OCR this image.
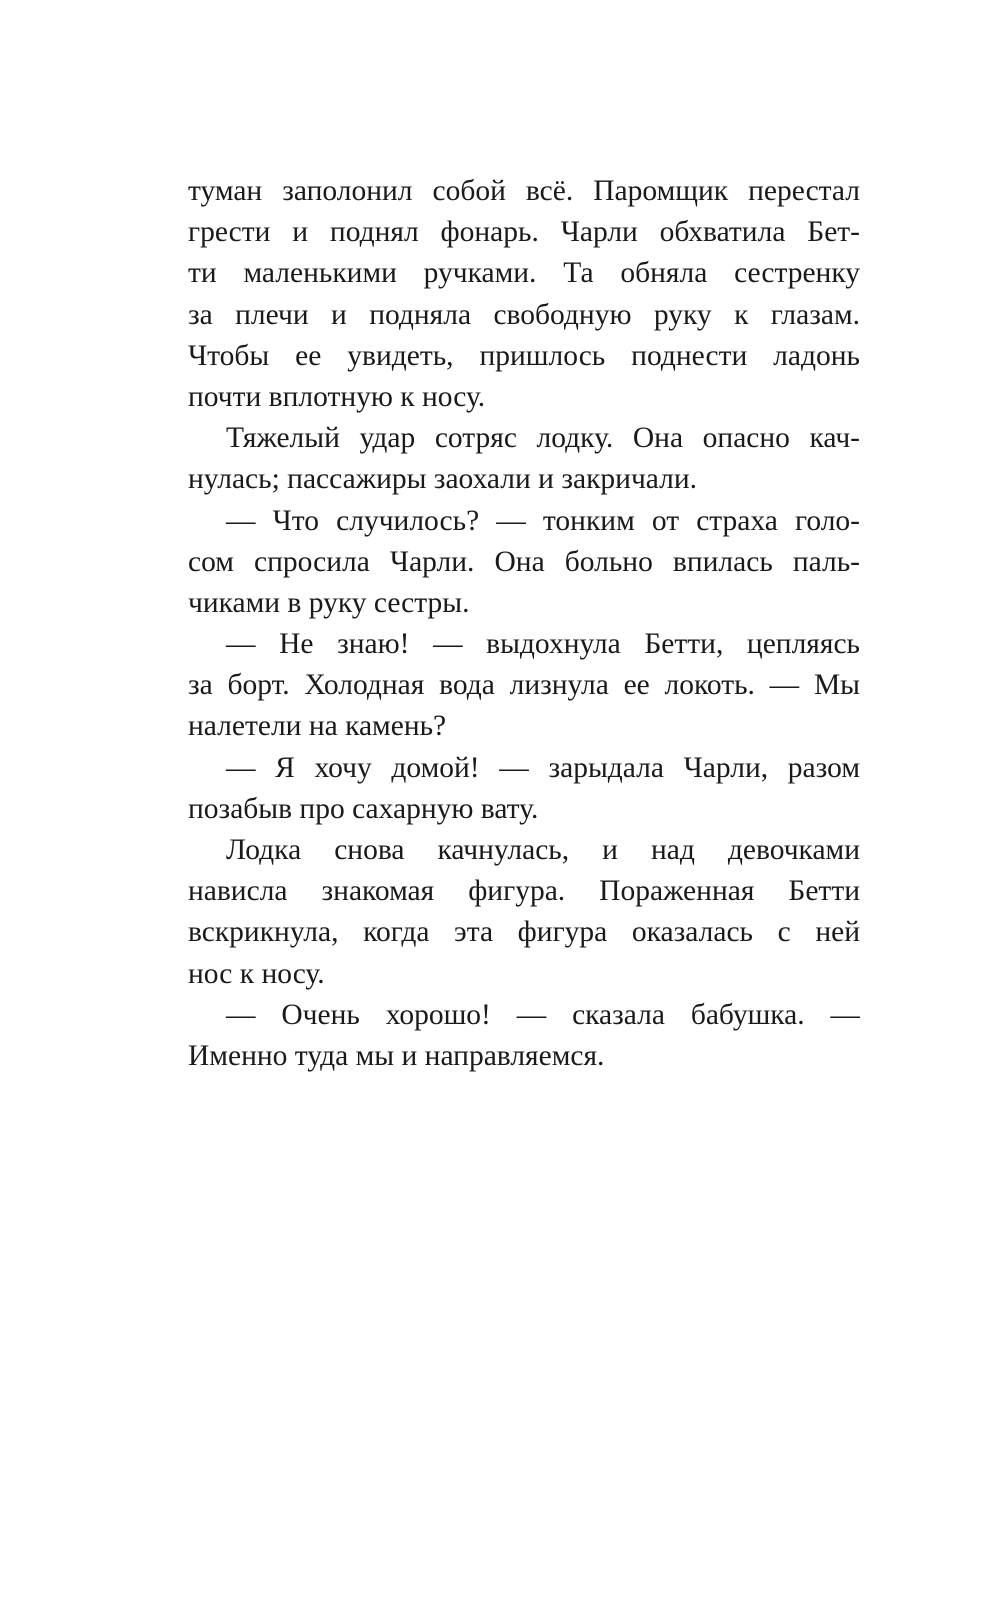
туман заполонил собой всё. Паромщик перестал
грести и поднял фонарь. Чарли обхватила Бет-
ти маленькими ручками. Та обняла сестренку
за плечи и подняла свободную руку к глазам.
Чтобы ее увидеть, пришлось поднести ладонь
почти вплотную к носу.
Тяжелый удар сотряс лодку. Она опасно кач-
нулась; пассажиры заохали и закричали.
— Что случилось? — тонким от страха голо-
сом спросила Чарли. Она больно впилась паль-
чиками в руку сестры.
— Не знаю! — выдохнула Бетти, цепляясь
за борт. Холодная вода лизнула ее локоть. — Мы
налетели на камень?
— Я хочу домой! — зарыдала Чарли, разом
позабыв про сахарную вату.
Лодка снова качнулась, и над девочками
нависла знакомая фигура. Пораженная Бетти
вскрикнула, когда эта фигура оказалась с ней
нос к носу.
— Очень хорошо! — сказала бабушка. —
Именно туда мы и направляемся.
